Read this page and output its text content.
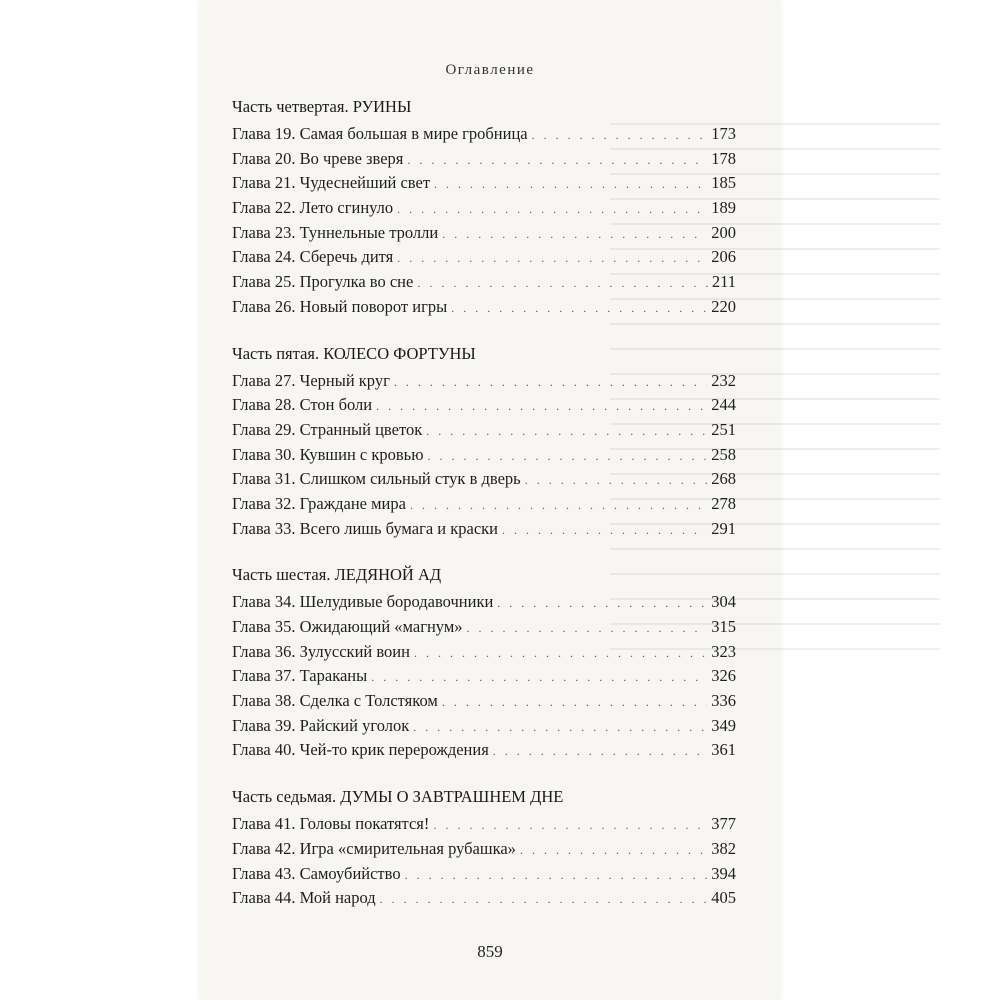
Оглавление
859
Часть четвертая. РУИНЫ
Глава 19. Самая большая в мире гробница . . .	173
Глава 20. Во чреве зверя . . .	178
Глава 21. Чудеснейший свет . . .	185
Глава 22. Лето сгинуло . . .	189
Глава 23. Туннельные тролли . . .	200
Глава 24. Сберечь дитя . . .	206
Глава 25. Прогулка во сне . . .	211
Глава 26. Новый поворот игры . . .	220
Часть пятая. КОЛЕСО ФОРТУНЫ
Глава 27. Черный круг . . .	232
Глава 28. Стон боли . . .	244
Глава 29. Странный цветок . . .	251
Глава 30. Кувшин с кровью . . .	258
Глава 31. Слишком сильный стук в дверь . . .	268
Глава 32. Граждане мира . . .	278
Глава 33. Всего лишь бумага и краски . . .	291
Часть шестая. ЛЕДЯНОЙ АД
Глава 34. Шелудивые бородавочники . . .	304
Глава 35. Ожидающий «магнум» . . .	315
Глава 36. Зулусский воин . . .	323
Глава 37. Тараканы . . .	326
Глава 38. Сделка с Толстяком . . .	336
Глава 39. Райский уголок . . .	349
Глава 40. Чей-то крик перерождения . . .	361
Часть седьмая. ДУМЫ О ЗАВТРАШНЕМ ДНЕ
Глава 41. Головы покатятся! . . .	377
Глава 42. Игра «смирительная рубашка» . . .	382
Глава 43. Самоубийство . . .	394
Глава 44. Мой народ . . .	405
